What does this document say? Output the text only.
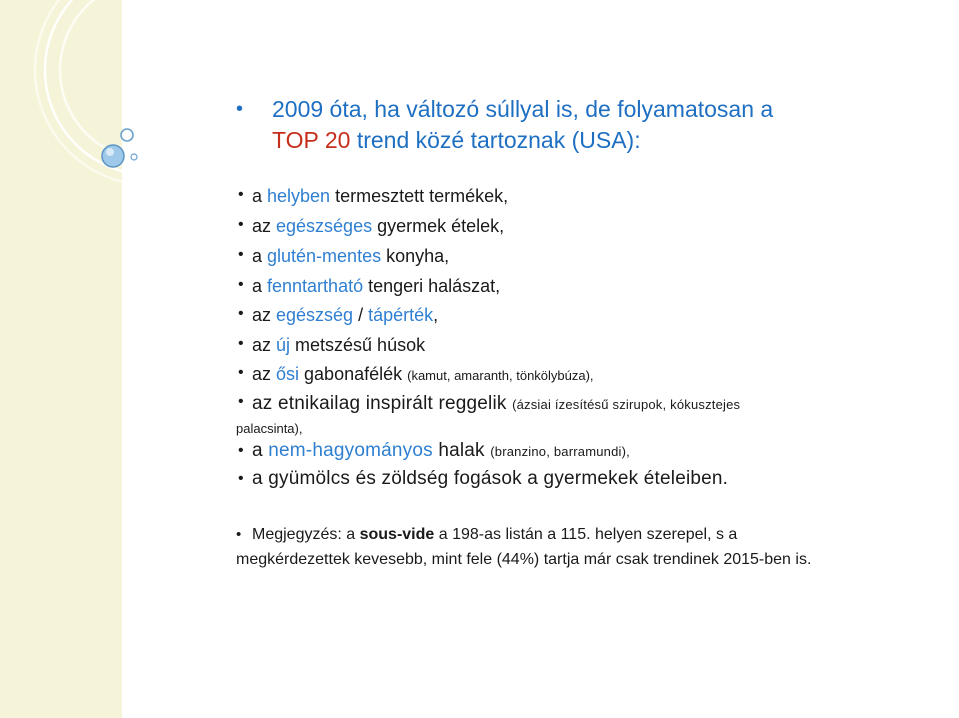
• 2009 óta, ha változó súllyal is, de folyamatosan a
TOP 20 trend közé tartoznak (USA):
• a helyben termesztett termékek,
• az egészséges gyermek ételek,
• a glutén-mentes konyha,
• a fenntartható tengeri halászat,
• az egészség / tápérték,
• az új metszésű húsok
• az ősi gabonafélék (kamut, amaranth, tönkölybúza),
• az etnikailag inspirált reggelik (ázsiai ízesítésű szirupok, kókusztejes
palacsinta),
• a nem-hagyományos halak (branzino, barramundi),
• a gyümölcs és zöldség fogások a gyermekek ételeiben.
• Megjegyzés: a sous-vide a 198-as listán a 115. helyen szerepel, s a
megkérdezettek kevesebb, mint fele (44%) tartja már csak trendinek 2015-ben is.
